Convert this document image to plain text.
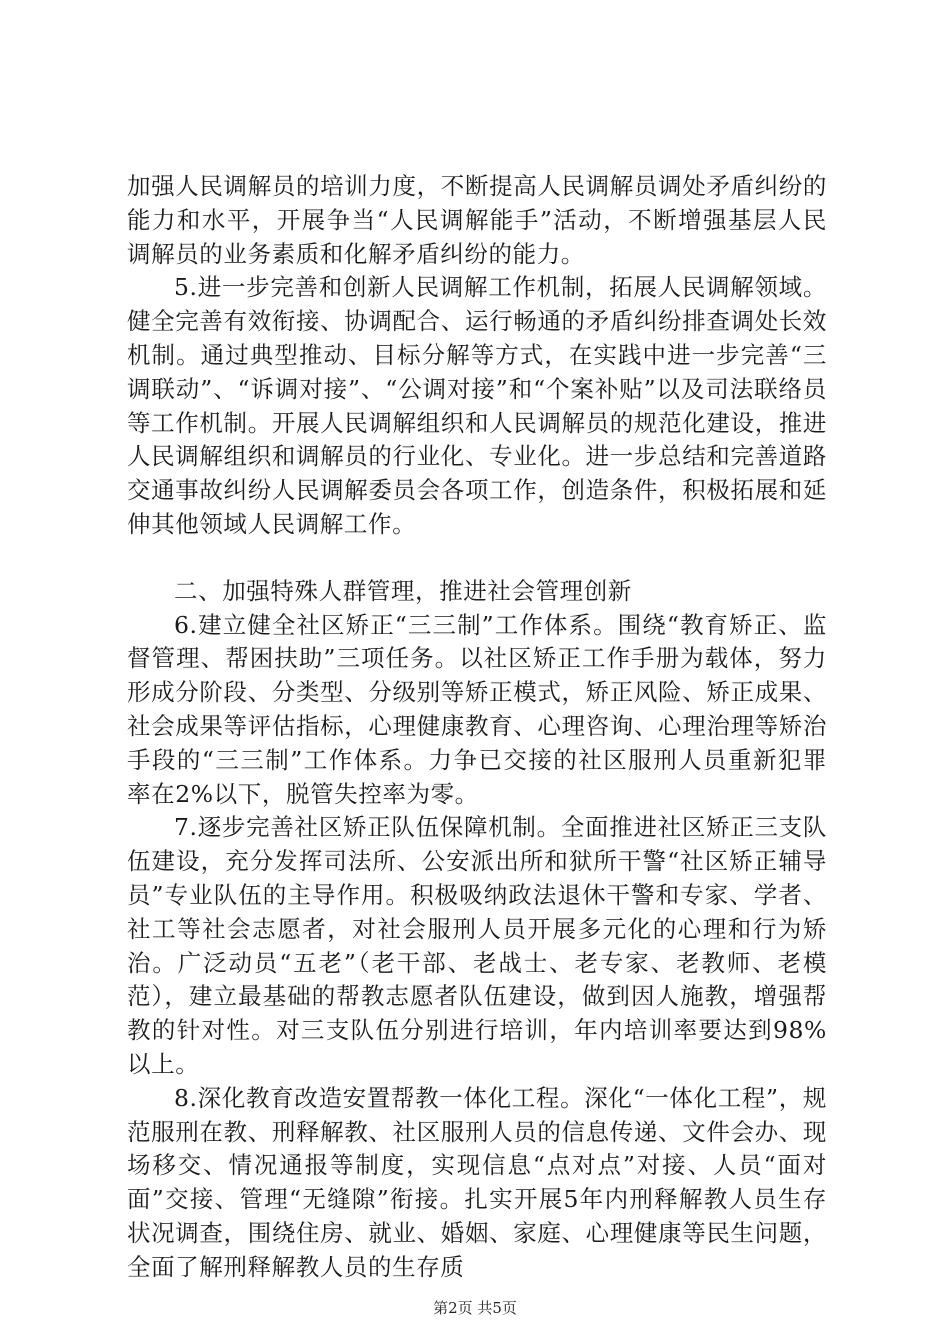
加强人民调解员的培训力度，不断提高人民调解员调处矛盾纠纷的能力和水平，开展争当“人民调解能手”活动，不断增强基层人民调解员的业务素质和化解矛盾纠纷的能力。

5.进一步完善和创新人民调解工作机制，拓展人民调解领域。健全完善有效衔接、协调配合、运行畅通的矛盾纠纷排查调处长效机制。通过典型推动、目标分解等方式，在实践中进一步完善“三调联动”、“诉调对接”、“公调对接”和“个案补贴”以及司法联络员等工作机制。开展人民调解组织和人民调解员的规范化建设，推进人民调解组织和调解员的行业化、专业化。进一步总结和完善道路交通事故纠纷人民调解委员会各项工作，创造条件，积极拓展和延伸其他领域人民调解工作。

二、加强特殊人群管理，推进社会管理创新

6.建立健全社区矫正“三三制”工作体系。围绕“教育矫正、监督管理、帮困扶助”三项任务。以社区矫正工作手册为载体，努力形成分阶段、分类型、分级别等矫正模式，矫正风险、矫正成果、社会成果等评估指标，心理健康教育、心理咨询、心理治理等矫治手段的“三三制”工作体系。力争已交接的社区服刑人员重新犯罪率在2%以下，脱管失控率为零。

7.逐步完善社区矫正队伍保障机制。全面推进社区矫正三支队伍建设，充分发挥司法所、公安派出所和狱所干警“社区矫正辅导员”专业队伍的主导作用。积极吸纳政法退休干警和专家、学者、社工等社会志愿者，对社会服刑人员开展多元化的心理和行为矫治。广泛动员“五老”（老干部、老战士、老专家、老教师、老模范），建立最基础的帮教志愿者队伍建设，做到因人施教，增强帮教的针对性。对三支队伍分别进行培训，年内培训率要达到98%以上。

8.深化教育改造安置帮教一体化工程。深化“一体化工程”，规范服刑在教、刑释解教、社区服刑人员的信息传递、文件会办、现场移交、情况通报等制度，实现信息“点对点”对接、人员“面对面”交接、管理“无缝隙”衔接。扎实开展5年内刑释解教人员生存状况调查，围绕住房、就业、婚姻、家庭、心理健康等民生问题，全面了解刑释解教人员的生存质

第2页 共5页
